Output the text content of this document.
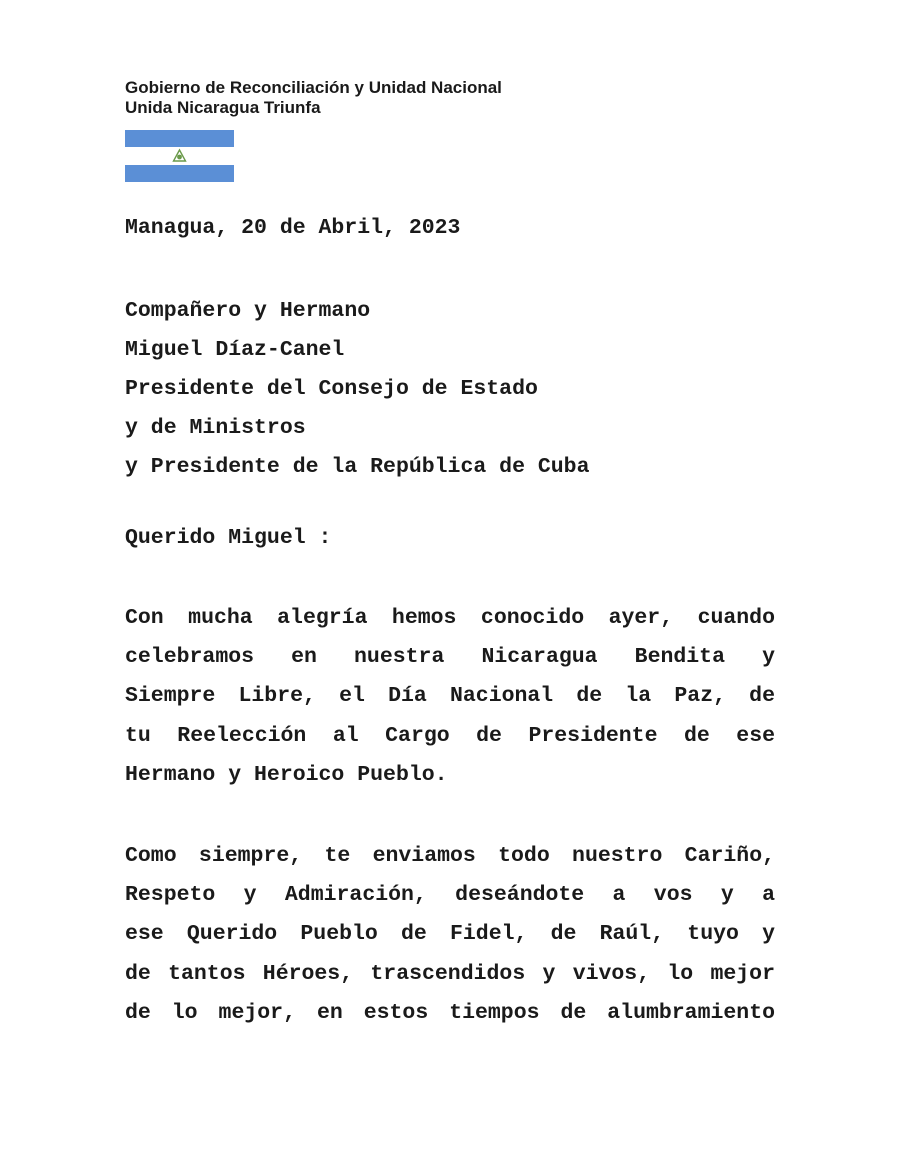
Gobierno de Reconciliación y Unidad Nacional
Unida Nicaragua Triunfa
Managua, 20 de Abril, 2023
Compañero y Hermano
Miguel Díaz-Canel
Presidente del Consejo de Estado
y de Ministros
y Presidente de la República de Cuba
Querido Miguel :
Con mucha alegría hemos conocido ayer, cuando
celebramos en nuestra Nicaragua Bendita y
Siempre Libre, el Día Nacional de la Paz, de
tu Reelección al Cargo de Presidente de ese
Hermano y Heroico Pueblo.
Como siempre, te enviamos todo nuestro Cariño,
Respeto y Admiración, deseándote a vos y a
ese Querido Pueblo de Fidel, de Raúl, tuyo y
de tantos Héroes, trascendidos y vivos, lo mejor
de lo mejor, en estos tiempos de alumbramiento
